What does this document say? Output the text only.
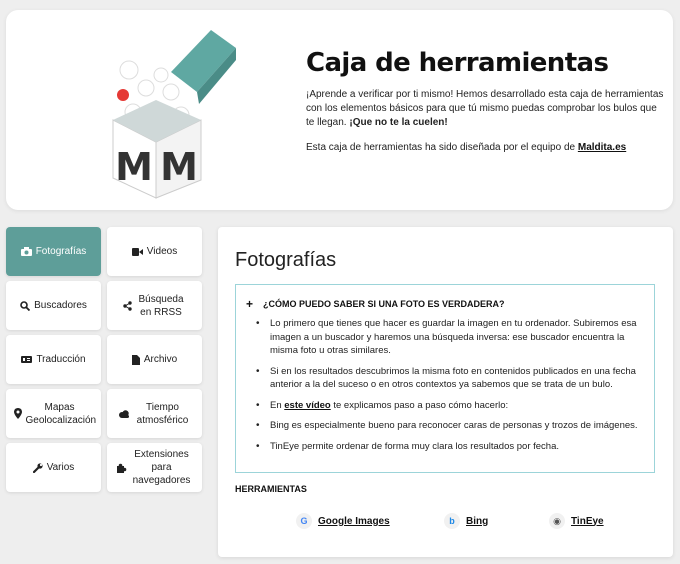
M M
Caja de herramientas

¡Aprende a verificar por ti mismo! Hemos desarrollado esta caja de herramientas con los elementos básicos para que tú mismo puedas comprobar los bulos que te llegan. ¡Que no te la cuelen!

Esta caja de herramientas ha sido diseñada por el equipo de Maldita.es

Fotografías	Videos
Buscadores
Búsqueda en RRSS
Traducción	Archivo
Mapas Geolocalización
Tiempo atmosférico
Varios
Extensiones para navegadores
Fotografías
+ ¿CÓMO PUEDO SABER SI UNA FOTO ES VERDADERA?
• Lo primero que tienes que hacer es guardar la imagen en tu ordenador. Subiremos esa imagen a un buscador y haremos una búsqueda inversa: ese buscador encuentra la misma foto u otras similares.
• Si en los resultados descubrimos la misma foto en contenidos publicados en una fecha anterior a la del suceso o en otros contextos ya sabemos que se trata de un bulo.
• En este vídeo te explicamos paso a paso cómo hacerlo:
• Bing es especialmente bueno para reconocer caras de personas y trozos de imágenes.
• TinEye permite ordenar de forma muy clara los resultados por fecha.
HERRAMIENTAS
G	Google Images	b	Bing	◉	TinEye
